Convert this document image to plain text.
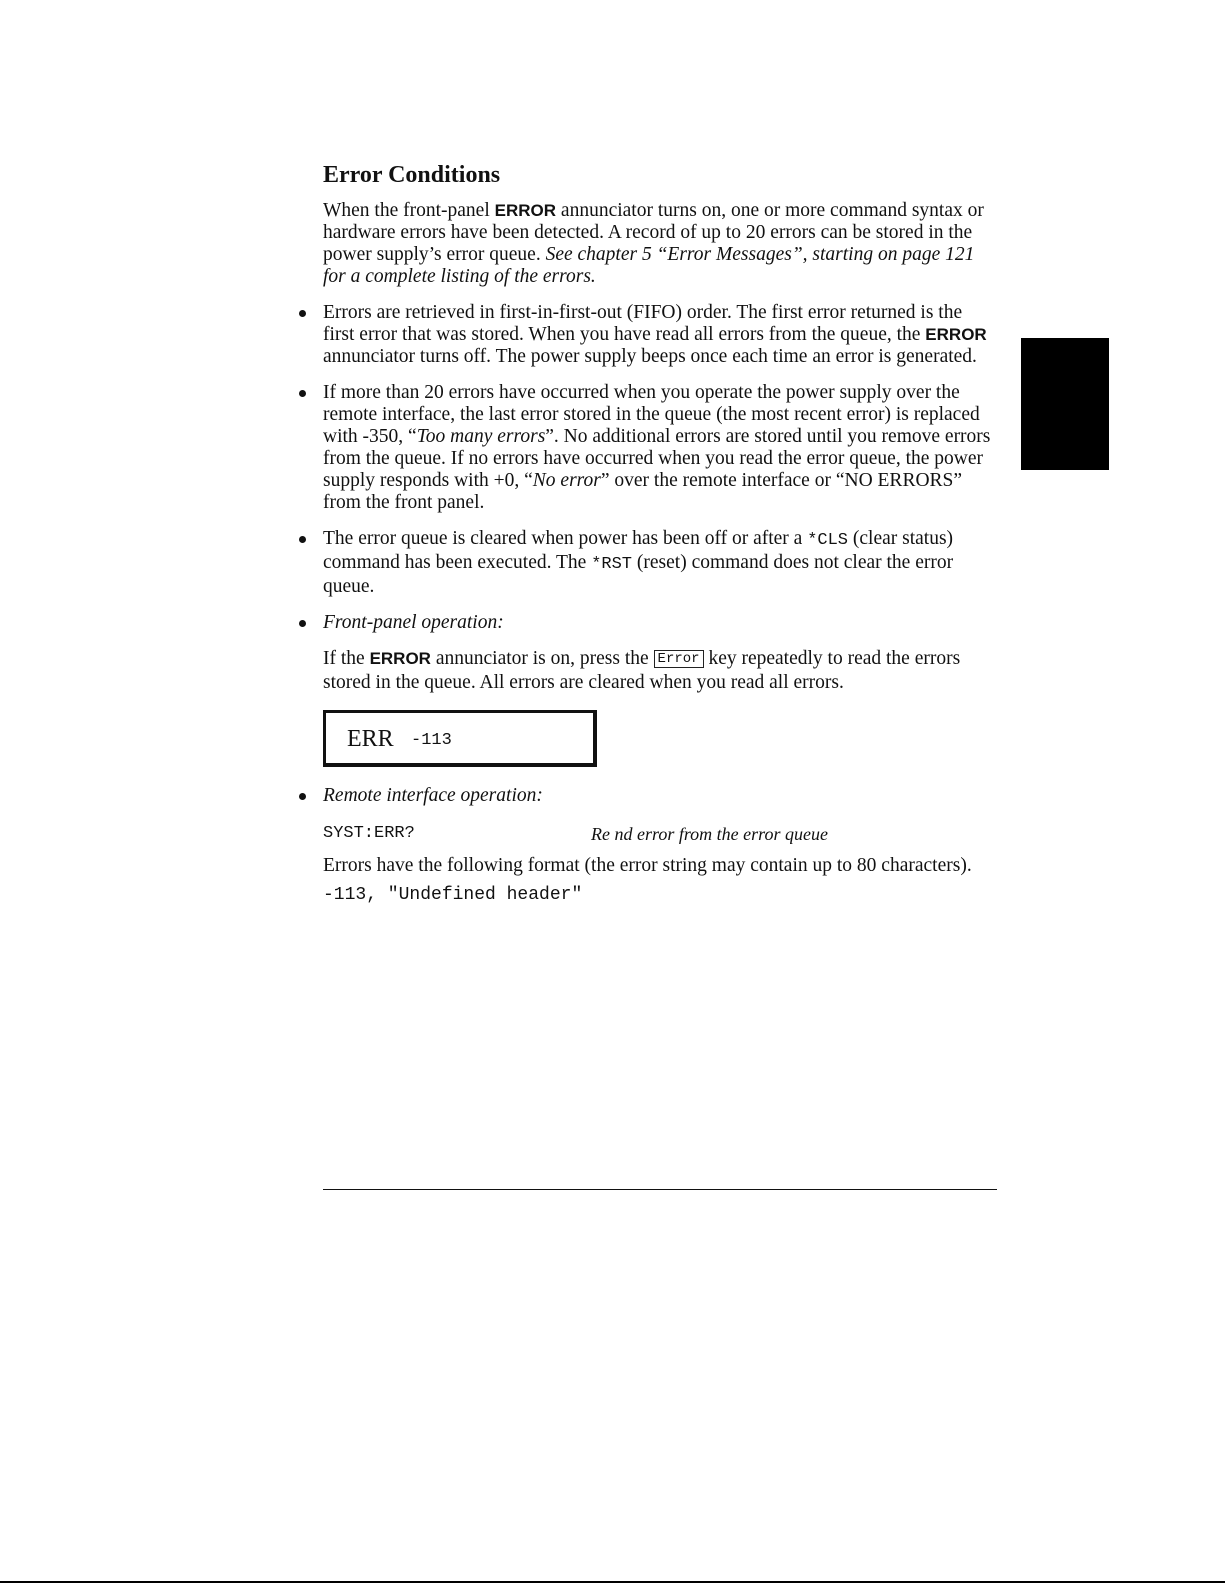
Error Conditions

When the front-panel ERROR annunciator turns on, one or more command syntax or hardware errors have been detected. A record of up to 20 errors can be stored in the power supply’s error queue. See chapter 5 “Error Messages”, starting on page 121 for a complete listing of the errors.

Errors are retrieved in first-in-first-out (FIFO) order. The first error returned is the first error that was stored. When you have read all errors from the queue, the ERROR annunciator turns off. The power supply beeps once each time an error is generated.

If more than 20 errors have occurred when you operate the power supply over the remote interface, the last error stored in the queue (the most recent error) is replaced with -350, “Too many errors”. No additional errors are stored until you remove errors from the queue. If no errors have occurred when you read the error queue, the power supply responds with +0, “No error” over the remote interface or “NO ERRORS” from the front panel.

The error queue is cleared when power has been off or after a *CLS (clear status) command has been executed. The *RST (reset) command does not clear the error queue.

Front-panel operation:

If the ERROR annunciator is on, press the Error key repeatedly to read the errors stored in the queue. All errors are cleared when you read all errors.

ERR -113

Remote interface operation:

SYST:ERR?	Re nd error from the error queue

Errors have the following format (the error string may contain up to 80 characters).

-113, "Undefined header"
